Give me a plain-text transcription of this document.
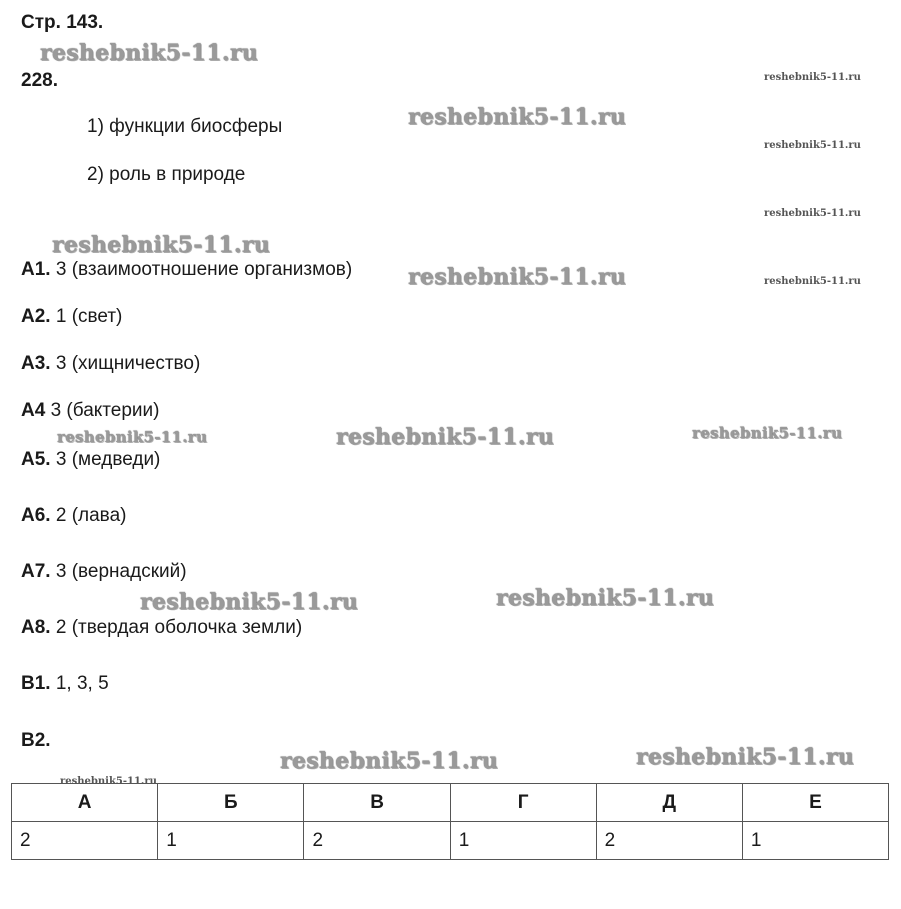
Стр. 143.
228.
1) функции биосферы
2) роль в природе
А1. 3 (взаимоотношение организмов)
А2. 1 (свет)
А3. 3 (хищничество)
А4 3 (бактерии)
А5. 3 (медведи)
А6. 2 (лава)
А7. 3 (вернадский)
А8. 2 (твердая оболочка земли)
В1. 1, 3, 5
В2.
А	Б	В	Г	Д	Е
2	1	2	1	2	1
reshebnik5-11.ru
reshebnik5-11.ru
reshebnik5-11.ru
reshebnik5-11.ru
reshebnik5-11.ru
reshebnik5-11.ru
reshebnik5-11.ru	reshebnik5-11.ru
reshebnik5-11.ru	reshebnik5-11.ru	reshebnik5-11.ru
reshebnik5-11.ru	reshebnik5-11.ru
reshebnik5-11.ru	reshebnik5-11.ru
reshebnik5-11.ru
